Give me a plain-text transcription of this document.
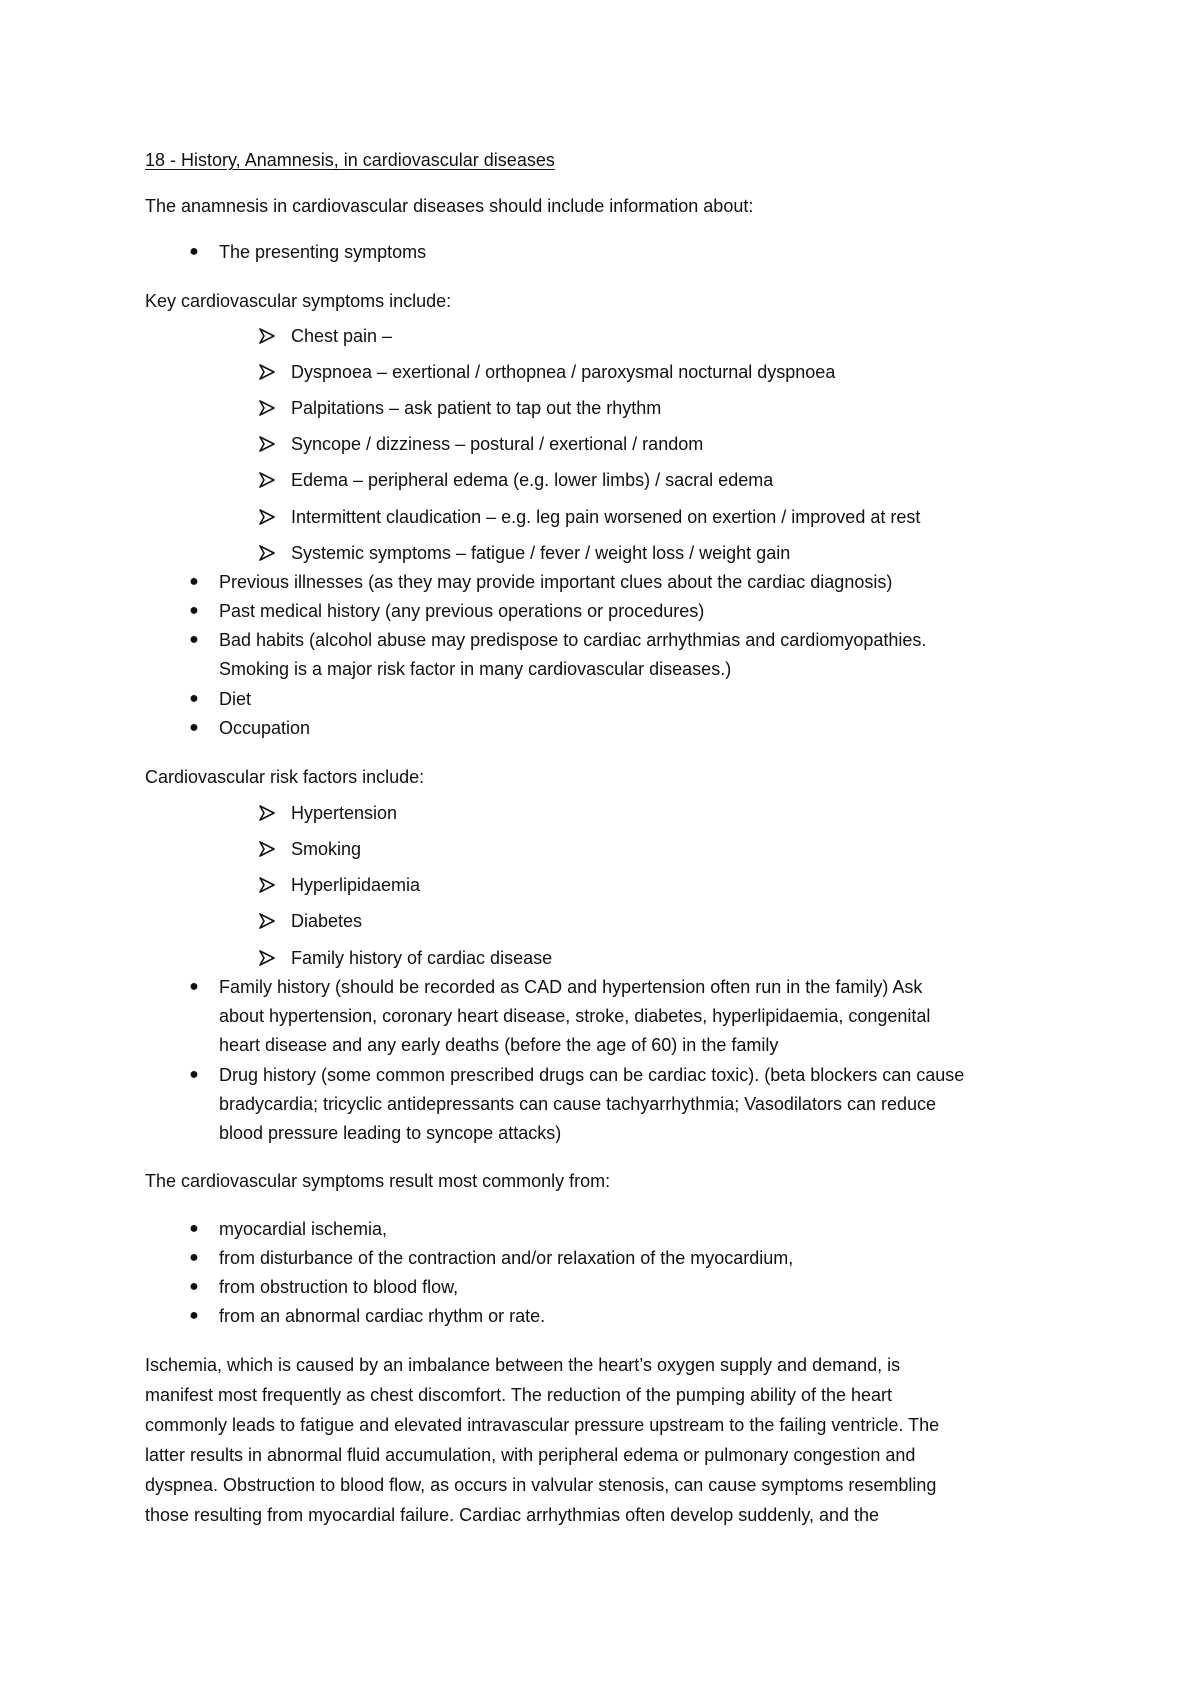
18 - History, Anamnesis, in cardiovascular diseases
The anamnesis in cardiovascular diseases should include information about:
● The presenting symptoms
Key cardiovascular symptoms include:
Chest pain –
Dyspnoea – exertional / orthopnea / paroxysmal nocturnal dyspnoea
Palpitations – ask patient to tap out the rhythm
Syncope / dizziness – postural / exertional / random
Edema – peripheral edema (e.g. lower limbs) / sacral edema
Intermittent claudication – e.g. leg pain worsened on exertion / improved at rest
Systemic symptoms – fatigue / fever / weight loss / weight gain
● Previous illnesses (as they may provide important clues about the cardiac diagnosis)
● Past medical history (any previous operations or procedures)
● Bad habits (alcohol abuse may predispose to cardiac arrhythmias and cardiomyopathies.
Smoking is a major risk factor in many cardiovascular diseases.)
● Diet
● Occupation
Cardiovascular risk factors include:
Hypertension
Smoking
Hyperlipidaemia
Diabetes
Family history of cardiac disease
● Family history (should be recorded as CAD and hypertension often run in the family) Ask
about hypertension, coronary heart disease, stroke, diabetes, hyperlipidaemia, congenital
heart disease and any early deaths (before the age of 60) in the family
● Drug history (some common prescribed drugs can be cardiac toxic). (beta blockers can cause
bradycardia; tricyclic antidepressants can cause tachyarrhythmia; Vasodilators can reduce
blood pressure leading to syncope attacks)
The cardiovascular symptoms result most commonly from:
● myocardial ischemia,
● from disturbance of the contraction and/or relaxation of the myocardium,
● from obstruction to blood flow,
● from an abnormal cardiac rhythm or rate.
Ischemia, which is caused by an imbalance between the heart’s oxygen supply and demand, is
manifest most frequently as chest discomfort. The reduction of the pumping ability of the heart
commonly leads to fatigue and elevated intravascular pressure upstream to the failing ventricle. The
latter results in abnormal fluid accumulation, with peripheral edema or pulmonary congestion and
dyspnea. Obstruction to blood flow, as occurs in valvular stenosis, can cause symptoms resembling
those resulting from myocardial failure. Cardiac arrhythmias often develop suddenly, and the
